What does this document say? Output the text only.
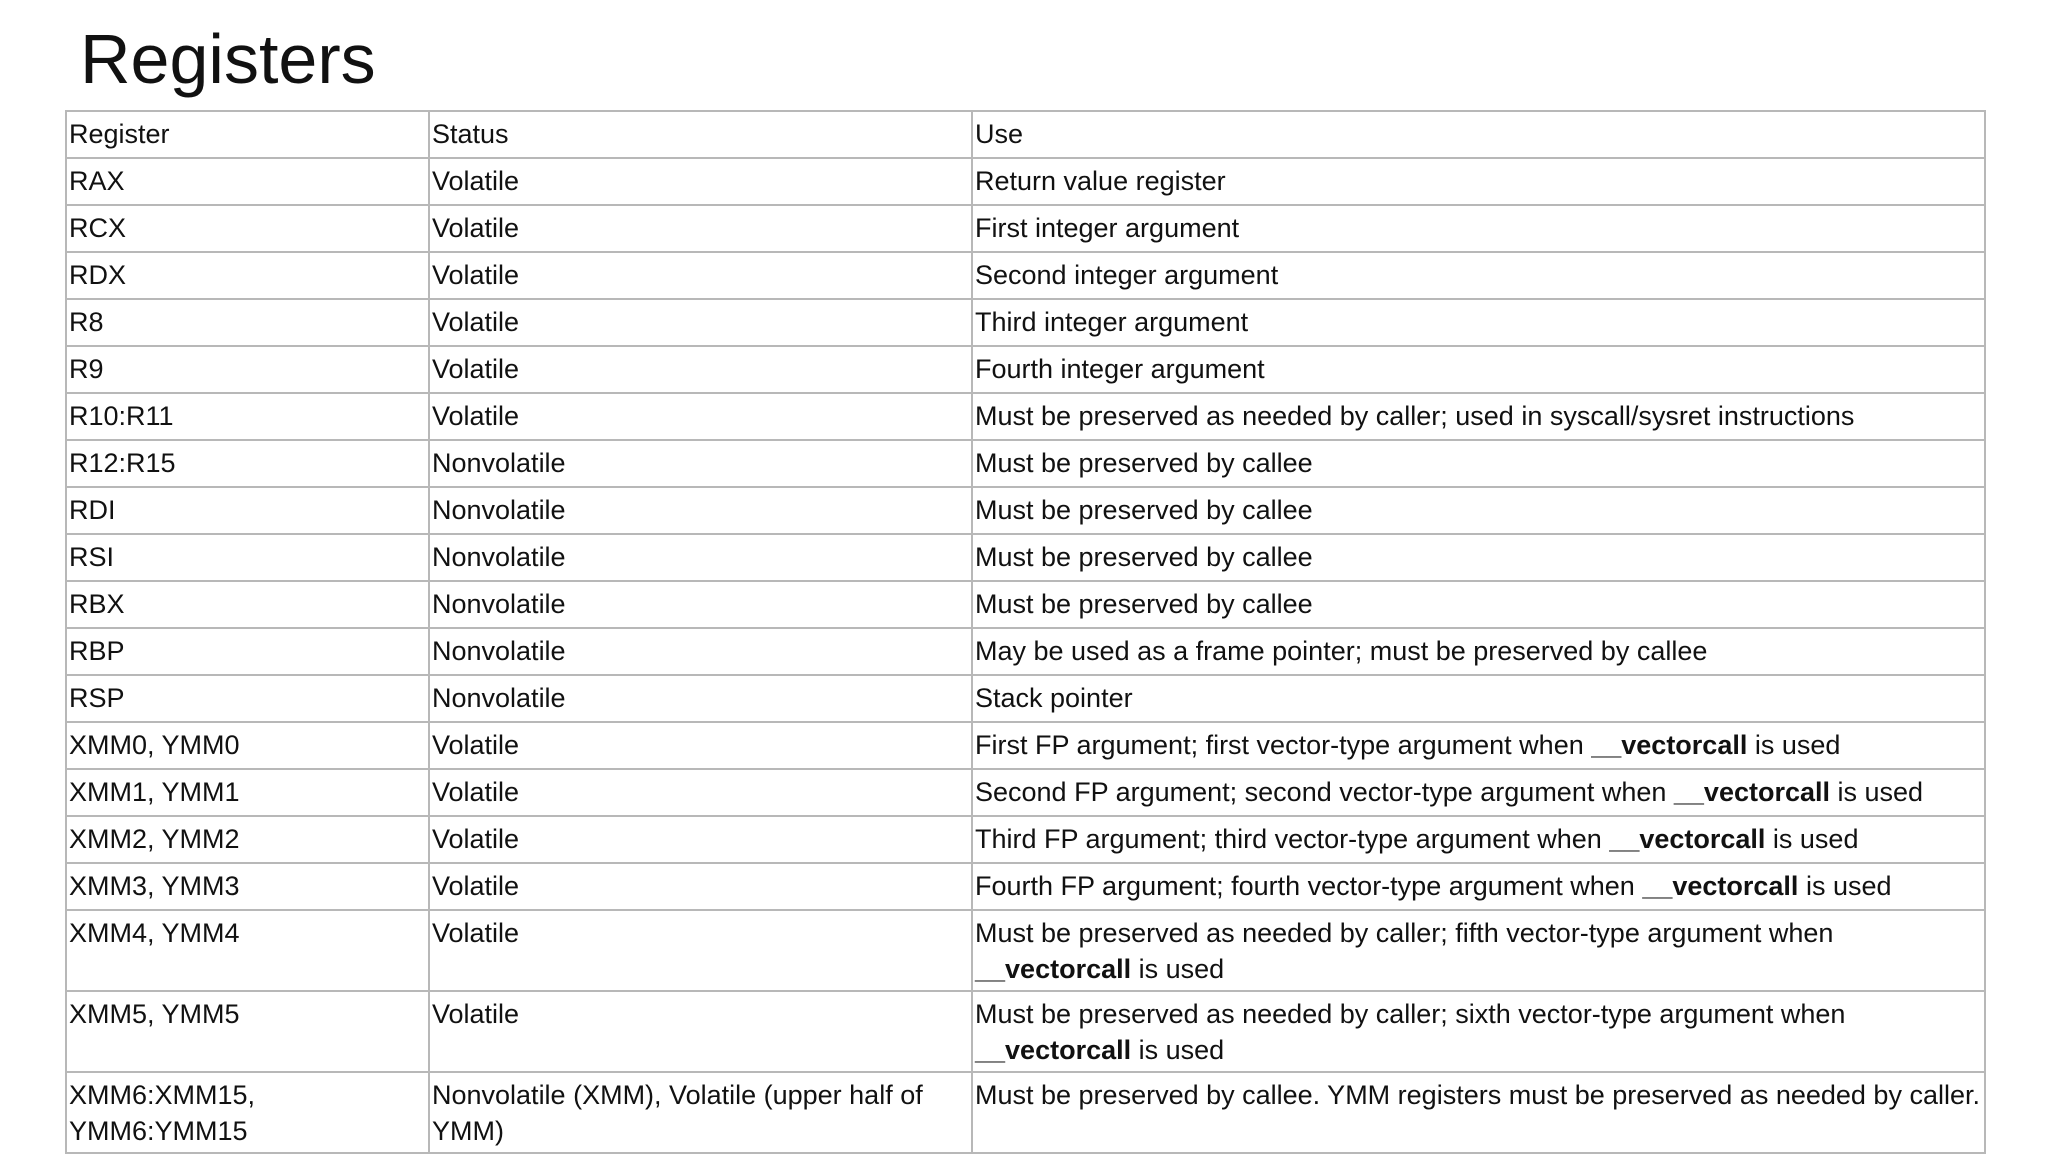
Registers
Register	Status	Use
RAX	Volatile	Return value register
RCX	Volatile	First integer argument
RDX	Volatile	Second integer argument
R8	Volatile	Third integer argument
R9	Volatile	Fourth integer argument
R10:R11	Volatile	Must be preserved as needed by caller; used in syscall/sysret instructions
R12:R15	Nonvolatile	Must be preserved by callee
RDI	Nonvolatile	Must be preserved by callee
RSI	Nonvolatile	Must be preserved by callee
RBX	Nonvolatile	Must be preserved by callee
RBP	Nonvolatile	May be used as a frame pointer; must be preserved by callee
RSP	Nonvolatile	Stack pointer
XMM0, YMM0	Volatile	First FP argument; first vector-type argument when __vectorcall is used
XMM1, YMM1	Volatile	Second FP argument; second vector-type argument when __vectorcall is used
XMM2, YMM2	Volatile	Third FP argument; third vector-type argument when __vectorcall is used
XMM3, YMM3	Volatile	Fourth FP argument; fourth vector-type argument when __vectorcall is used
XMM4, YMM4	Volatile	Must be preserved as needed by caller; fifth vector-type argument when __vectorcall is used
XMM5, YMM5	Volatile	Must be preserved as needed by caller; sixth vector-type argument when __vectorcall is used
XMM6:XMM15, YMM6:YMM15	Nonvolatile (XMM), Volatile (upper half of YMM)	Must be preserved by callee. YMM registers must be preserved as needed by caller.
